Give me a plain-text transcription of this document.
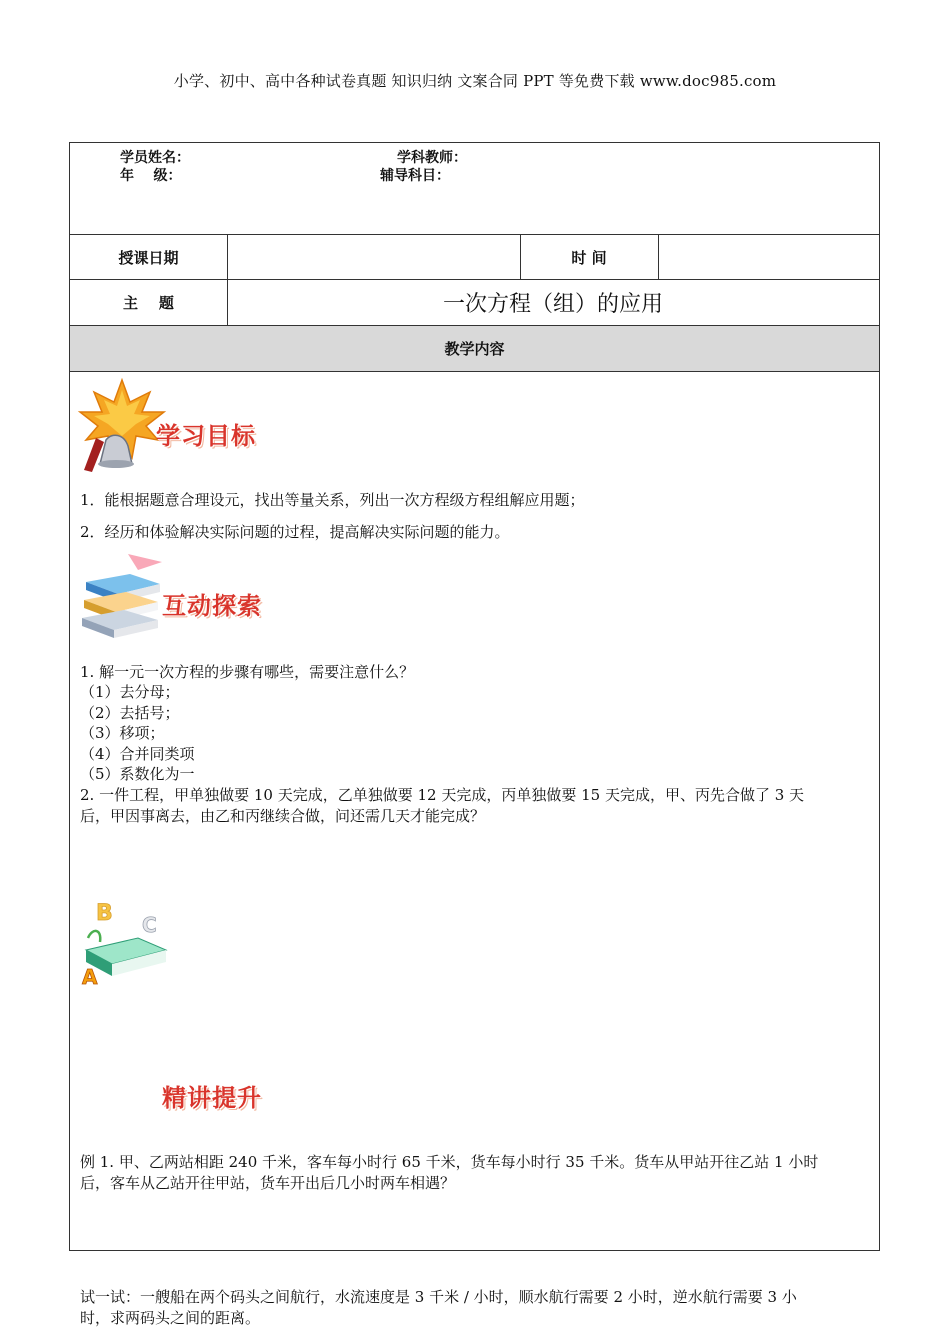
小学、初中、高中各种试卷真题 知识归纳 文案合同 PPT 等免费下载 www.doc985.com
学员姓名：	学科教师：
年    级：	辅导科目：
授课日期	时 间
主    题	一次方程（组）的应用
教学内容
学习目标
1．能根据题意合理设元，找出等量关系，列出一次方程级方程组解应用题；
2．经历和体验解决实际问题的过程，提高解决实际问题的能力。
互动探索
1. 解一元一次方程的步骤有哪些，需要注意什么？
（1）去分母；
（2）去括号；
（3）移项；
（4）合并同类项
（5）系数化为一
2. 一件工程，甲单独做要 10 天完成，乙单独做要 12 天完成，丙单独做要 15 天完成，甲、丙先合做了 3 天
后，甲因事离去，由乙和丙继续合做，问还需几天才能完成？
B C
A
精讲提升
例 1. 甲、乙两站相距 240 千米，客车每小时行 65 千米，货车每小时行 35 千米。货车从甲站开往乙站 1 小时
后，客车从乙站开往甲站，货车开出后几小时两车相遇？
试一试：一艘船在两个码头之间航行，水流速度是 3 千米 / 小时，顺水航行需要 2 小时，逆水航行需要 3 小
时，求两码头之间的距离。
